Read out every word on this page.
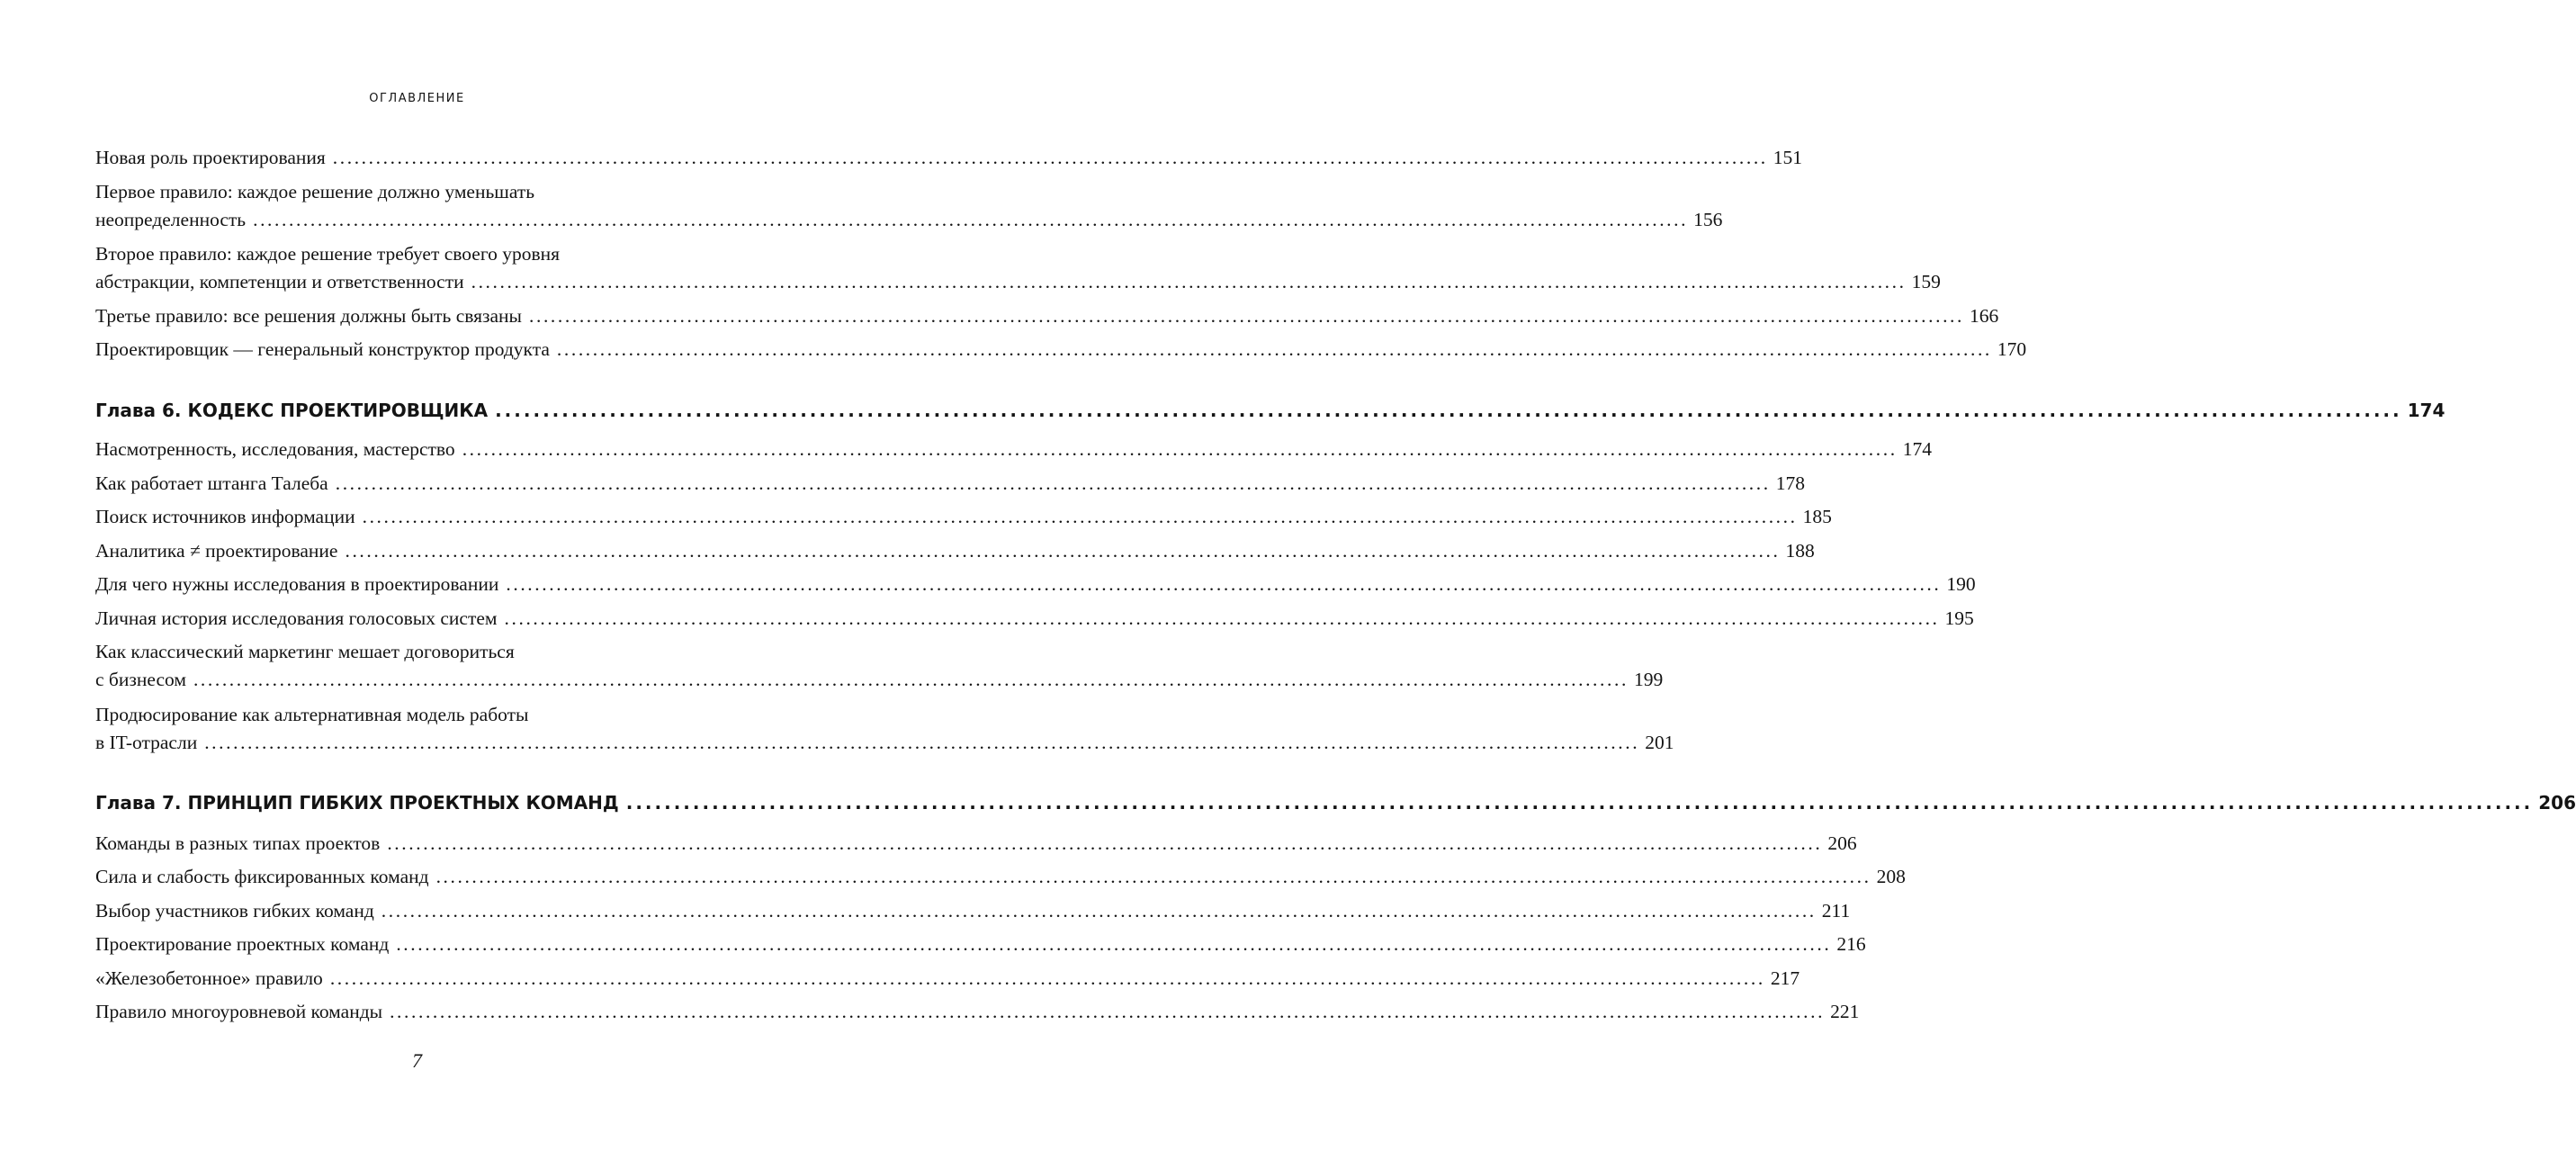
ОГЛАВЛЕНИЕ
Новая роль проектирования ........................................................................................................................................................................................................ 151
Первое правило: каждое решение должно уменьшать
неопределенность ........................................................................................................................................................................................................ 156
Второе правило: каждое решение требует своего уровня
абстракции, компетенции и ответственности ........................................................................................................................................................................................................ 159
Третье правило: все решения должны быть связаны ........................................................................................................................................................................................................ 166
Проектировщик — генеральный конструктор продукта ........................................................................................................................................................................................................ 170
Глава 6. КОДЕКС ПРОЕКТИРОВЩИКА ........................................................................................................................................................................................................ 174
Насмотренность, исследования, мастерство ........................................................................................................................................................................................................ 174
Как работает штанга Талеба ........................................................................................................................................................................................................ 178
Поиск источников информации ........................................................................................................................................................................................................ 185
Аналитика ≠ проектирование ........................................................................................................................................................................................................ 188
Для чего нужны исследования в проектировании ........................................................................................................................................................................................................ 190
Личная история исследования голосовых систем ........................................................................................................................................................................................................ 195
Как классический маркетинг мешает договориться
с бизнесом ........................................................................................................................................................................................................ 199
Продюсирование как альтернативная модель работы
в IT-отрасли ........................................................................................................................................................................................................ 201
Глава 7. ПРИНЦИП ГИБКИХ ПРОЕКТНЫХ КОМАНД ........................................................................................................................................................................................................ 206
Команды в разных типах проектов ........................................................................................................................................................................................................ 206
Сила и слабость фиксированных команд ........................................................................................................................................................................................................ 208
Выбор участников гибких команд ........................................................................................................................................................................................................ 211
Проектирование проектных команд ........................................................................................................................................................................................................ 216
«Железобетонное» правило ........................................................................................................................................................................................................ 217
Правило многоуровневой команды ........................................................................................................................................................................................................ 221
7
